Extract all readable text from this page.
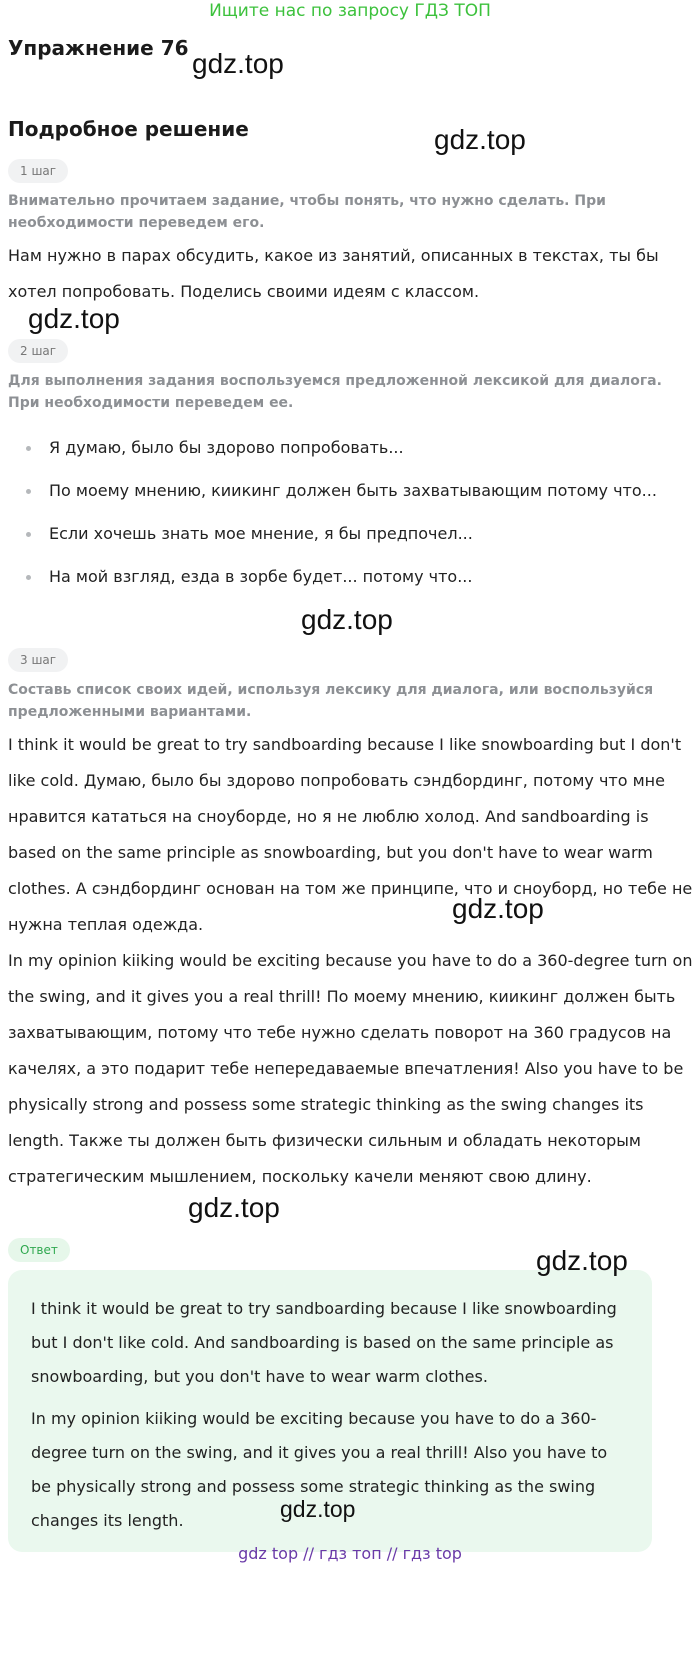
Ищите нас по запросу ГДЗ ТОП
Упражнение 76
Подробное решение
1 шаг
Внимательно прочитаем задание, чтобы понять, что нужно сделать. При необходимости переведем его.
Нам нужно в парах обсудить, какое из занятий, описанных в текстах, ты бы хотел попробовать. Поделись своими идеям с классом.
2 шаг
Для выполнения задания воспользуемся предложенной лексикой для диалога. При необходимости переведем ее.
Я думаю, было бы здорово попробовать...
По моему мнению, киикинг должен быть захватывающим потому что...
Если хочешь знать мое мнение, я бы предпочел...
На мой взгляд, езда в зорбе будет... потому что...
3 шаг
Составь список своих идей, используя лексику для диалога, или воспользуйся предложенными вариантами.
I think it would be great to try sandboarding because I like snowboarding but I don't like cold. Думаю, было бы здорово попробовать сэндбординг, потому что мне нравится кататься на сноуборде, но я не люблю холод. And sandboarding is based on the same principle as snowboarding, but you don't have to wear warm clothes. А сэндбординг основан на том же принципе, что и сноуборд, но тебе не нужна теплая одежда.
In my opinion kiiking would be exciting because you have to do a 360-degree turn on the swing, and it gives you a real thrill! По моему мнению, киикинг должен быть захватывающим, потому что тебе нужно сделать поворот на 360 градусов на качелях, а это подарит тебе непередаваемые впечатления! Also you have to be physically strong and possess some strategic thinking as the swing changes its length. Также ты должен быть физически сильным и обладать некоторым стратегическим мышлением, поскольку качели меняют свою длину.
Ответ

I think it would be great to try sandboarding because I like snowboarding but I don't like cold. And sandboarding is based on the same principle as snowboarding, but you don't have to wear warm clothes.

In my opinion kiiking would be exciting because you have to do a 360-degree turn on the swing, and it gives you a real thrill! Also you have to be physically strong and possess some strategic thinking as the swing changes its length.

gdz.top
gdz.top
gdz.top
gdz.top
gdz.top
gdz.top
gdz.top
gdz.top
gdz top // гдз топ // гдз top
